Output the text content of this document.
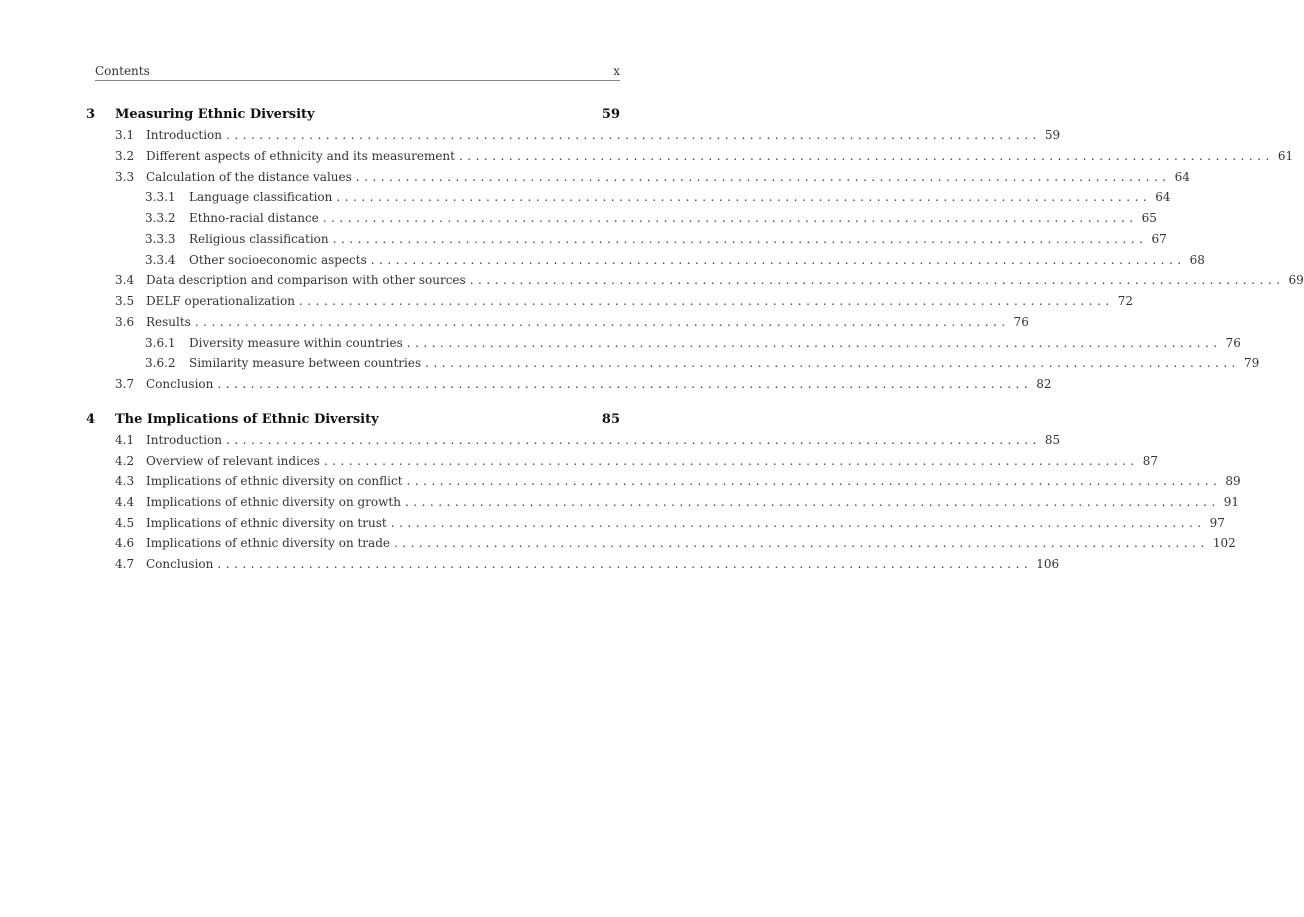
Contents	x
3 Measuring Ethnic Diversity	59
3.1 Introduction .................................................................................................. 59
3.2 Different aspects of ethnicity and its measurement .................................................................................................. 61
3.3 Calculation of the distance values .................................................................................................. 64
3.3.1	Language classification .................................................................................................. 64
3.3.2	Ethno-racial distance .................................................................................................. 65
3.3.3	Religious classification .................................................................................................. 67
3.3.4	Other socioeconomic aspects .................................................................................................. 68
3.4 Data description and comparison with other sources .................................................................................................. 69
3.5 DELF operationalization .................................................................................................. 72
3.6 Results .................................................................................................. 76
3.6.1	Diversity measure within countries .................................................................................................. 76
3.6.2	Similarity measure between countries .................................................................................................. 79
3.7 Conclusion .................................................................................................. 82
4 The Implications of Ethnic Diversity	85
4.1 Introduction .................................................................................................. 85
4.2 Overview of relevant indices .................................................................................................. 87
4.3 Implications of ethnic diversity on conflict .................................................................................................. 89
4.4 Implications of ethnic diversity on growth .................................................................................................. 91
4.5 Implications of ethnic diversity on trust .................................................................................................. 97
4.6 Implications of ethnic diversity on trade .................................................................................................. 102
4.7 Conclusion .................................................................................................. 106
